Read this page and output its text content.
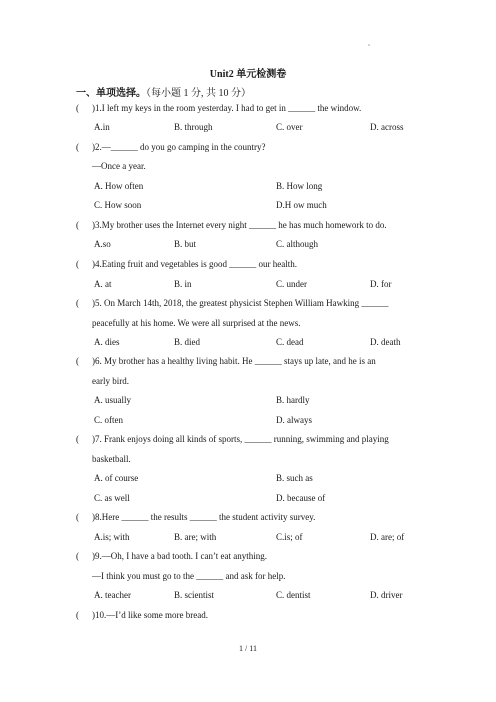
Unit2 单元检测卷
一、单项选择。（每小题 1 分, 共 10 分）
( )1.I left my keys in the room yesterday. I had to get in ______ the window.
A.in	B. through	C. over	D. across
( )2.—______ do you go camping in the country?
—Once a year.
A. How often	B. How long
C. How soon	D.H ow much
( )3.My brother uses the Internet every night ______ he has much homework to do.
A.so	B. but	C. although
( )4.Eating fruit and vegetables is good ______ our health.
A. at	B. in	C. under	D. for
( )5. On March 14th, 2018, the greatest physicist Stephen William Hawking ______
peacefully at his home. We were all surprised at the news.
A. dies	B. died	C. dead	D. death
( )6. My brother has a healthy living habit. He ______ stays up late, and he is an
early bird.
A. usually	B. hardly
C. often	D. always
( )7. Frank enjoys doing all kinds of sports, ______ running, swimming and playing
basketball.
A. of course	B. such as
C. as well	D. because of
( )8.Here ______ the results ______ the student activity survey.
A.is; with	B. are; with	C.is; of	D. are; of
( )9.—Oh, I have a bad tooth. I can’t eat anything.
—I think you must go to the ______ and ask for help.
A. teacher	B. scientist	C. dentist	D. driver
( )10.—I’d like some more bread.
1 / 11
